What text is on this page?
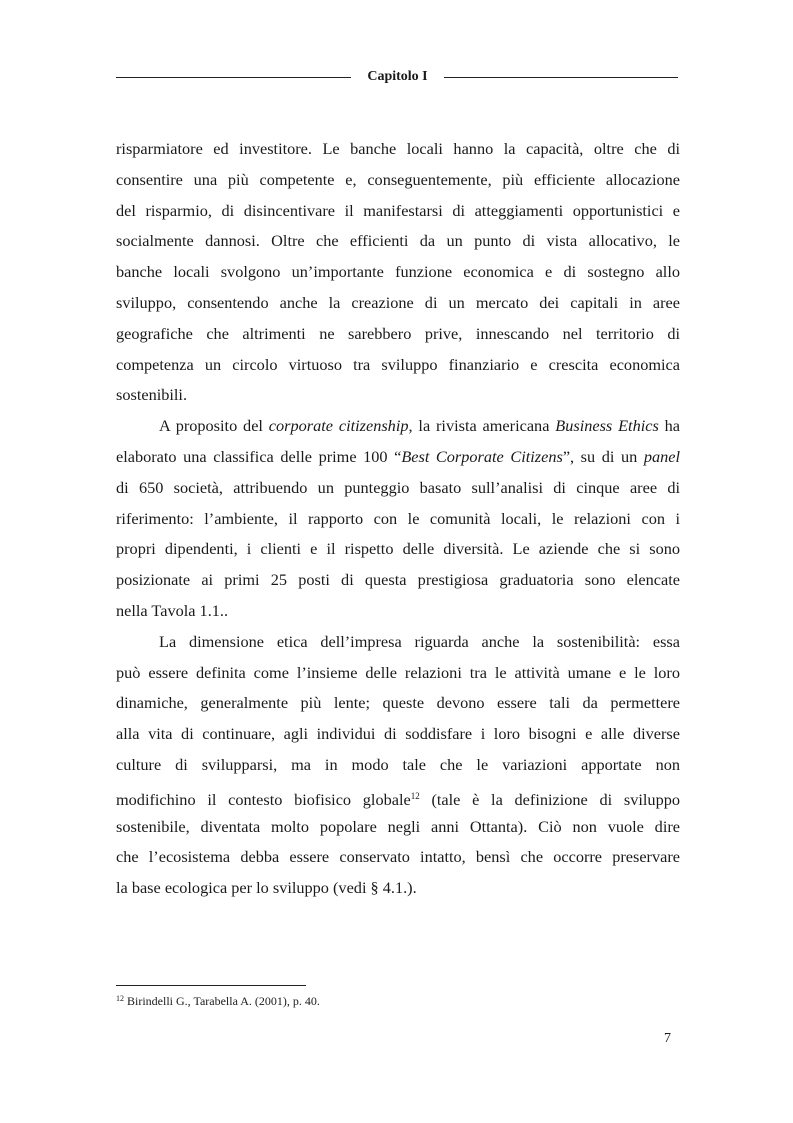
Capitolo I
risparmiatore ed investitore. Le banche locali hanno la capacità, oltre che di
consentire una più competente e, conseguentemente, più efficiente allocazione
del risparmio, di disincentivare il manifestarsi di atteggiamenti opportunistici e
socialmente dannosi. Oltre che efficienti da un punto di vista allocativo, le
banche locali svolgono un’importante funzione economica e di sostegno allo
sviluppo, consentendo anche la creazione di un mercato dei capitali in aree
geografiche che altrimenti ne sarebbero prive, innescando nel territorio di
competenza un circolo virtuoso tra sviluppo finanziario e crescita economica
sostenibili.
A proposito del corporate citizenship, la rivista americana Business Ethics ha
elaborato una classifica delle prime 100 “Best Corporate Citizens”, su di un panel
di 650 società, attribuendo un punteggio basato sull’analisi di cinque aree di
riferimento: l’ambiente, il rapporto con le comunità locali, le relazioni con i
propri dipendenti, i clienti e il rispetto delle diversità. Le aziende che si sono
posizionate ai primi 25 posti di questa prestigiosa graduatoria sono elencate
nella Tavola 1.1..
La dimensione etica dell’impresa riguarda anche la sostenibilità: essa
può essere definita come l’insieme delle relazioni tra le attività umane e le loro
dinamiche, generalmente più lente; queste devono essere tali da permettere
alla vita di continuare, agli individui di soddisfare i loro bisogni e alle diverse
culture di svilupparsi, ma in modo tale che le variazioni apportate non
modifichino il contesto biofisico globale$^{12}$ (tale è la definizione di sviluppo
sostenibile, diventata molto popolare negli anni Ottanta). Ciò non vuole dire
che l’ecosistema debba essere conservato intatto, bensì che occorre preservare
la base ecologica per lo sviluppo (vedi § 4.1.).
$^{12}$ Birindelli G., Tarabella A. (2001), p. 40.
7
